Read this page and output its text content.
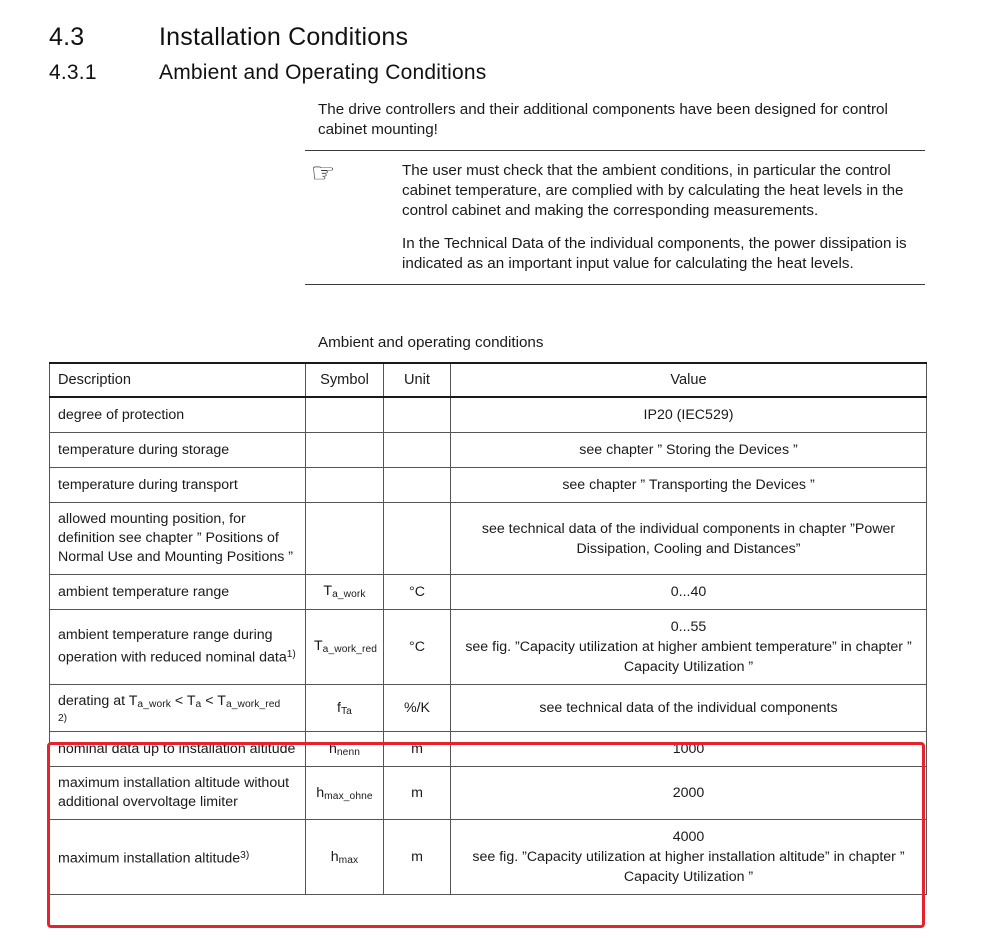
4.3	Installation Conditions
4.3.1	Ambient and Operating Conditions
The drive controllers and their additional components have been designed for control cabinet mounting!
☞	The user must check that the ambient conditions, in particular the control cabinet temperature, are complied with by calculating the heat levels in the control cabinet and making the corresponding measurements.

In the Technical Data of the individual components, the power dissipation is indicated as an important input value for calculating the heat levels.

Ambient and operating conditions
Description	Symbol	Unit	Value
degree of protection			IP20 (IEC529)

temperature during storage			see chapter ” Storing the Devices ”

temperature during transport			see chapter ” Transporting the Devices ”

allowed mounting position, for definition see chapter ” Positions of Normal Use and Mounting Positions ”			see technical data of the individual components in chapter ”Power Dissipation, Cooling and Distances”

ambient temperature range	$T_{a\_work}$	°C	0...40

ambient temperature range during operation with reduced nominal data$^{1)}$	$T_{a\_work\_red}$	°C	0...55
see fig. ”Capacity utilization at higher ambient temperature” in chapter ” Capacity Utilization ”

derating at $T_{a\_work} < T_a < T_{a\_work\_red}$
2)	$f_{Ta}$	%/K	see technical data of the individual components

nominal data up to installation altitude	$h_{nenn}$	m	1000

maximum installation altitude without additional overvoltage limiter	$h_{max\_ohne}$	m	2000

maximum installation altitude$^{3)}$	$h_{max}$	m	4000
see fig. ”Capacity utilization at higher installation altitude” in chapter ” Capacity Utilization ”
